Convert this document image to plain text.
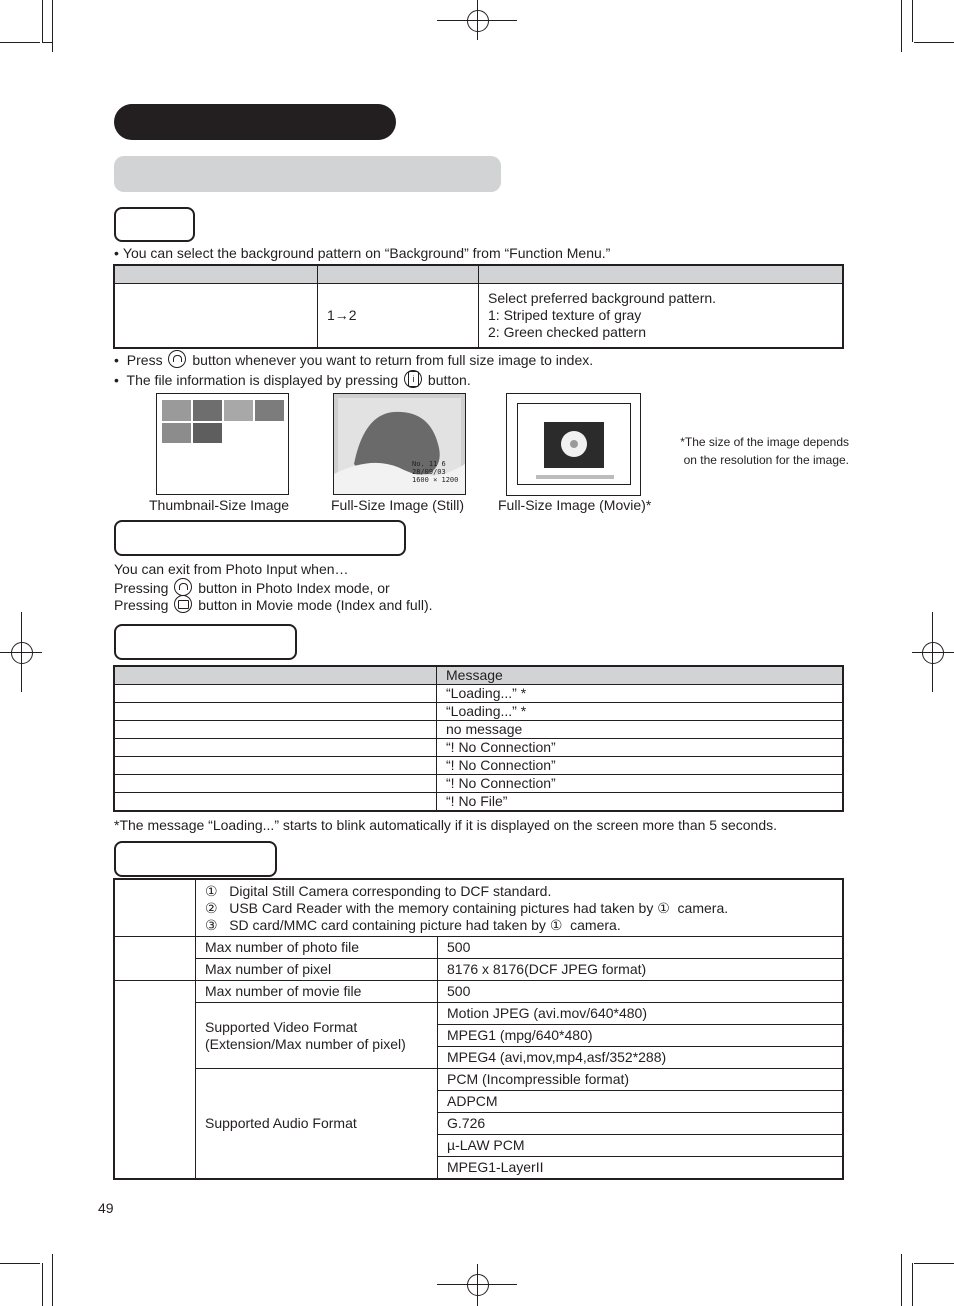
• You can select the background pattern on “Background” from “Function Menu.”

	1→2	Select preferred background pattern.
1: Striped texture of gray
2: Green checked pattern
• Press button whenever you want to return from full size image to index.
• The file information is displayed by pressing i button.
No. 11 6
28/09/03
1600 × 1200
Thumbnail-Size Image	Full-Size Image (Still) Full-Size Image (Movie)*
*The size of the image depends
on the resolution for the image.
You can exit from Photo Input when…
Pressing button in Photo Index mode, or
Pressing button in Movie mode (Index and full).
	Message
	“Loading...” *
	“Loading...” *
	no message
	“! No Connection”
	“! No Connection”
	“! No Connection”
	“! No File”
*The message “Loading...” starts to blink automatically if it is displayed on the screen more than 5 seconds.

	①   Digital Still Camera corresponding to DCF standard.
②   USB Card Reader with the memory containing pictures had taken by ①  camera.
③   SD card/MMC card containing picture had taken by ①  camera.	

	Max number of photo file	500
	Max number of pixel	8176 x 8176(DCF JPEG format)
	Max number of movie file	500

	Supported Video Format
(Extension/Max number of pixel)	Motion JPEG (avi.mov/640*480)
		MPEG1 (mpg/640*480)
		MPEG4 (avi,mov,mp4,asf/352*288)
	Supported Audio Format	PCM (Incompressible format)
		ADPCM
		G.726
		µ-LAW PCM
		MPEG1-LayerII
49
